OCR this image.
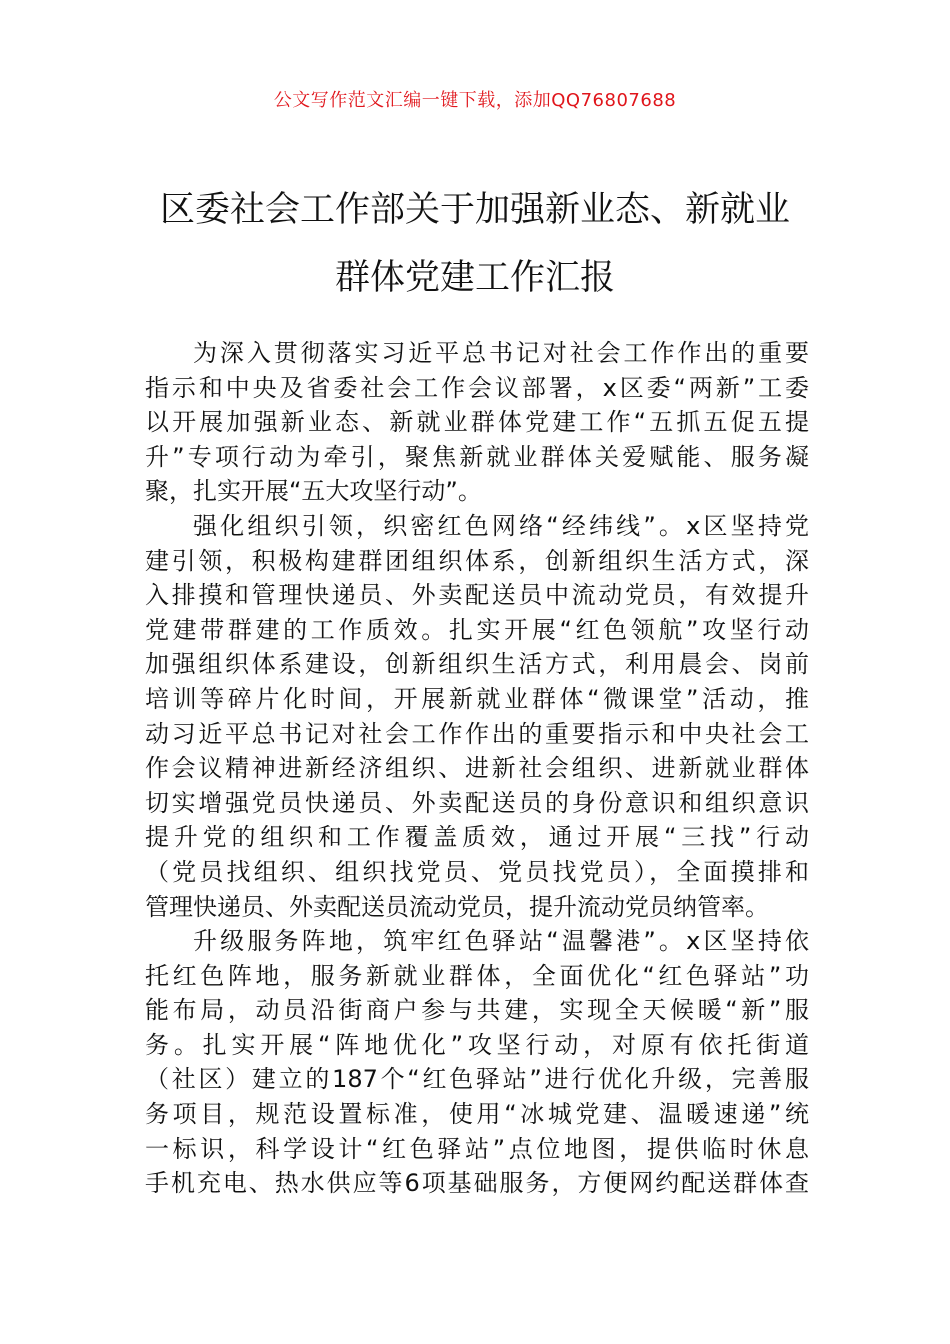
公文写作范文汇编一键下载，添加QQ76807688
区委社会工作部关于加强新业态、新就业
群体党建工作汇报

为深入贯彻落实习近平总书记对社会工作作出的重要
指示和中央及省委社会工作会议部署，x区委“两新”工委
以开展加强新业态、新就业群体党建工作“五抓五促五提
升”专项行动为牵引，聚焦新就业群体关爱赋能、服务凝
聚，扎实开展“五大攻坚行动”。

强化组织引领，织密红色网络“经纬线”。x区坚持党
建引领，积极构建群团组织体系，创新组织生活方式，深
入排摸和管理快递员、外卖配送员中流动党员，有效提升
党建带群建的工作质效。扎实开展“红色领航”攻坚行动
加强组织体系建设，创新组织生活方式，利用晨会、岗前
培训等碎片化时间，开展新就业群体“微课堂”活动，推
动习近平总书记对社会工作作出的重要指示和中央社会工
作会议精神进新经济组织、进新社会组织、进新就业群体
切实增强党员快递员、外卖配送员的身份意识和组织意识
提升党的组织和工作覆盖质效，通过开展“三找”行动
（党员找组织、组织找党员、党员找党员），全面摸排和
管理快递员、外卖配送员流动党员，提升流动党员纳管率。

升级服务阵地，筑牢红色驿站“温馨港”。x区坚持依
托红色阵地，服务新就业群体，全面优化“红色驿站”功
能布局，动员沿街商户参与共建，实现全天候暖“新”服
务。扎实开展“阵地优化”攻坚行动，对原有依托街道
（社区）建立的187个“红色驿站”进行优化升级，完善服
务项目，规范设置标准，使用“冰城党建、温暖速递”统
一标识，科学设计“红色驿站”点位地图，提供临时休息
手机充电、热水供应等6项基础服务，方便网约配送群体查
